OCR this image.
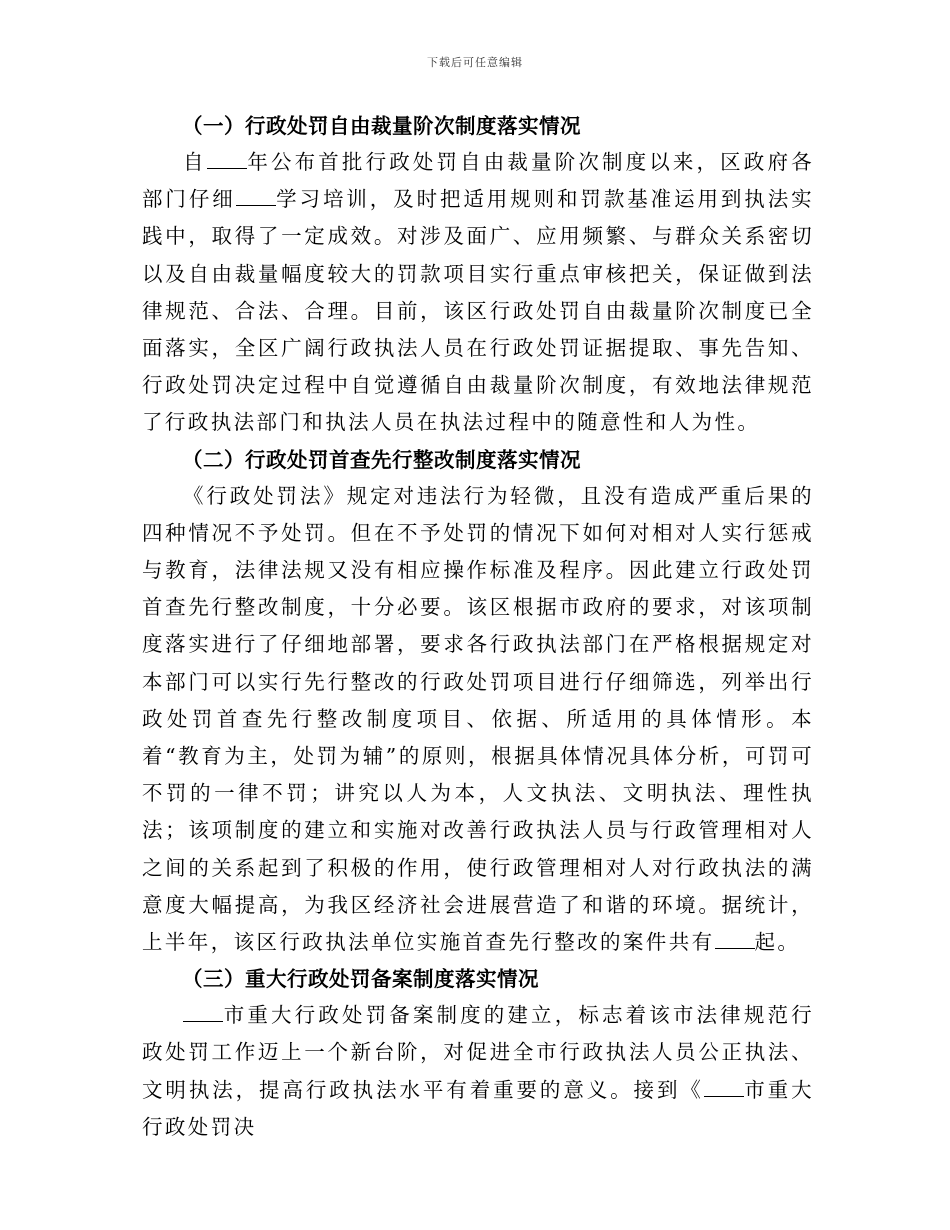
下载后可任意编辑
（一）行政处罚自由裁量阶次制度落实情况

自 年公布首批行政处罚自由裁量阶次制度以来，区政府各部门仔细 学习培训，及时把适用规则和罚款基准运用到执法实践中，取得了一定成效。对涉及面广、应用频繁、与群众关系密切以及自由裁量幅度较大的罚款项目实行重点审核把关，保证做到法律规范、合法、合理。目前，该区行政处罚自由裁量阶次制度已全面落实，全区广阔行政执法人员在行政处罚证据提取、事先告知、行政处罚决定过程中自觉遵循自由裁量阶次制度，有效地法律规范了行政执法部门和执法人员在执法过程中的随意性和人为性。

（二）行政处罚首查先行整改制度落实情况

《行政处罚法》规定对违法行为轻微，且没有造成严重后果的四种情况不予处罚。但在不予处罚的情况下如何对相对人实行惩戒与教育，法律法规又没有相应操作标准及程序。因此建立行政处罚首查先行整改制度，十分必要。该区根据市政府的要求，对该项制度落实进行了仔细地部署，要求各行政执法部门在严格根据规定对本部门可以实行先行整改的行政处罚项目进行仔细筛选，列举出行政处罚首查先行整改制度项目、依据、所适用的具体情形。本着“教育为主，处罚为辅”的原则，根据具体情况具体分析，可罚可不罚的一律不罚；讲究以人为本，人文执法、文明执法、理性执法；该项制度的建立和实施对改善行政执法人员与行政管理相对人之间的关系起到了积极的作用，使行政管理相对人对行政执法的满意度大幅提高，为我区经济社会进展营造了和谐的环境。据统计，上半年，该区行政执法单位实施首查先行整改的案件共有 起。

（三）重大行政处罚备案制度落实情况

市重大行政处罚备案制度的建立，标志着该市法律规范行政处罚工作迈上一个新台阶，对促进全市行政执法人员公正执法、文明执法，提高行政执法水平有着重要的意义。接到《 市重大行政处罚决
